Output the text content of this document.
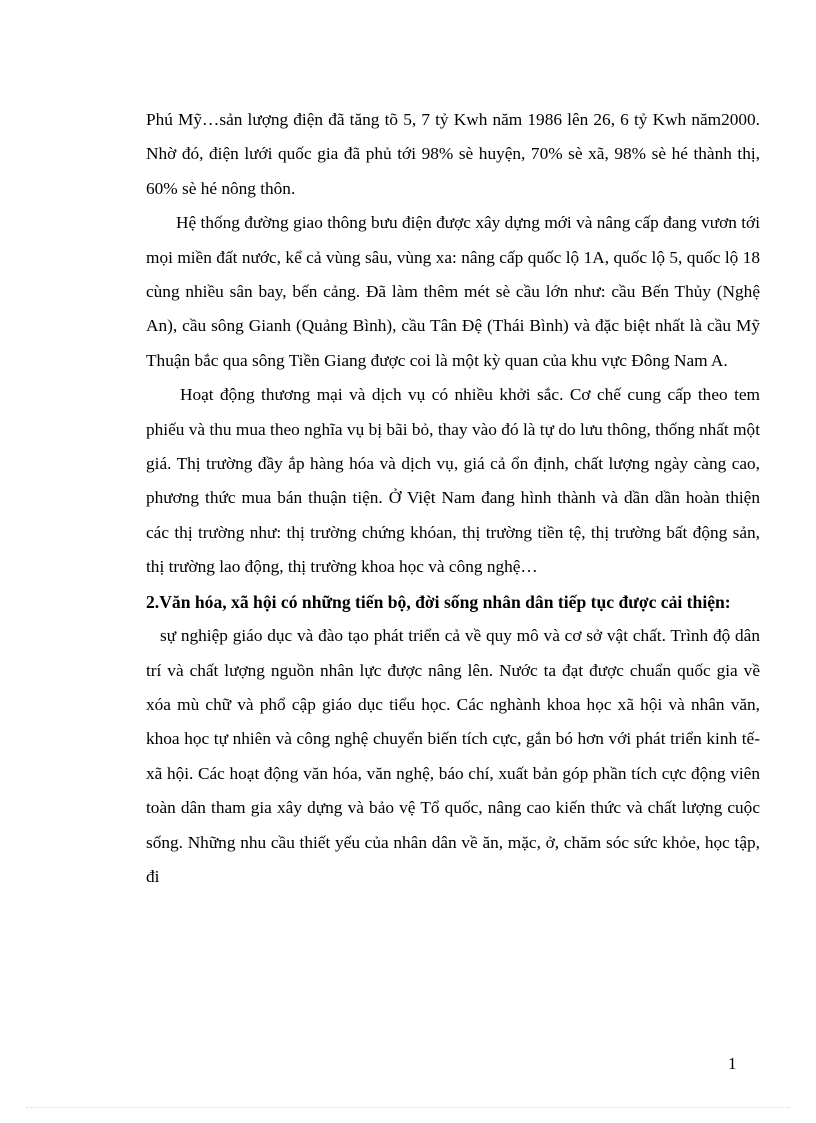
Phú Mỹ…sản lượng điện đã tăng tõ 5, 7 tỷ Kwh năm 1986 lên 26, 6 tỷ Kwh năm2000. Nhờ đó, điện lưới quốc gia đã phủ tới 98% sè huyện, 70% sè xã, 98% sè hé thành thị, 60% sè hé nông thôn.

Hệ thống đường giao thông bưu điện được xây dựng mới và nâng cấp đang vươn tới mọi miền đất nước, kể cả vùng sâu, vùng xa: nâng cấp quốc lộ 1A, quốc lộ 5, quốc lộ 18 cùng nhiều sân bay, bến cảng. Đã làm thêm mét sè cầu lớn như: cầu Bến Thủy (Nghệ An), cầu sông Gianh (Quảng Bình), cầu Tân Đệ (Thái Bình) và đặc biệt nhất là cầu Mỹ Thuận bắc qua sông Tiền Giang được coi là một kỳ quan của khu vực Đông Nam A.

Hoạt động thương mại và dịch vụ có nhiều khởi sắc. Cơ chế cung cấp theo tem phiếu và thu mua theo nghĩa vụ bị bãi bỏ, thay vào đó là tự do lưu thông, thống nhất một giá. Thị trường đầy ắp hàng hóa và dịch vụ, giá cả ổn định, chất lượng ngày càng cao, phương thức mua bán thuận tiện. Ở Việt Nam đang hình thành và dần dần hoàn thiện các thị trường như: thị trường chứng khóan, thị trường tiền tệ, thị trường bất động sản, thị trường lao động, thị trường khoa học và công nghệ…

2.Văn hóa, xã hội có những tiến bộ, đời sống nhân dân tiếp tục được cải thiện:

sự nghiệp giáo dục và đào tạo phát triển cả về quy mô và cơ sở vật chất. Trình độ dân trí và chất lượng nguồn nhân lực được nâng lên. Nước ta đạt được chuẩn quốc gia về xóa mù chữ và phổ cập giáo dục tiểu học. Các nghành khoa học xã hội và nhân văn, khoa học tự nhiên và công nghệ chuyển biến tích cực, gắn bó hơn với phát triển kinh tế- xã hội. Các hoạt động văn hóa, văn nghệ, báo chí, xuất bản góp phần tích cực động viên toàn dân tham gia xây dựng và bảo vệ Tổ quốc, nâng cao kiến thức và chất lượng cuộc sống. Những nhu cầu thiết yếu của nhân dân về ăn, mặc, ở, chăm sóc sức khỏe, học tập, đi

1
